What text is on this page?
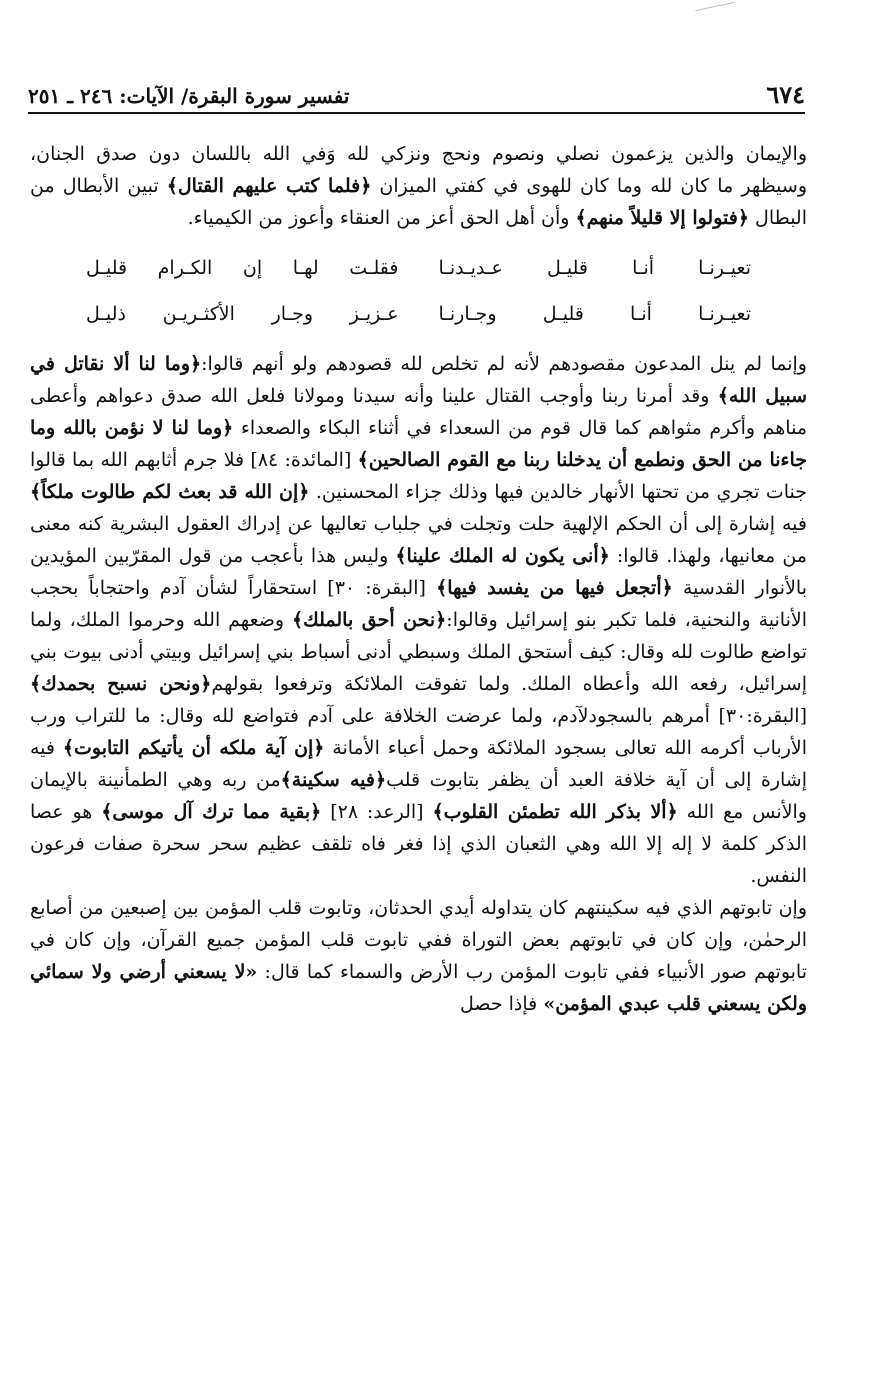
٦٧٤
تفسير سورة البقرة/ الآيات: ٢٤٦ ـ ٢٥١

والإيمان والذين يزعمون نصلي ونصوم ونحج ونزكي لله وَفي الله باللسان دون صدق الجنان، وسيظهر ما كان لله وما كان للهوى في كفتي الميزان ﴿فلما كتب عليهم القتال﴾ تبين الأبطال من البطال ﴿فتولوا إلا قليلاً منهم﴾ وأن أهل الحق أعز من العنقاء وأعوز من الكيمياء.

تعيـرنـا أنـا قليـل عـديـدنـا
فقلـت لهـا إن الكـرام قليـل
تعيـرنـا أنـا قليـل وجـارنـا
عـزيـز وجـار الأكثـريـن ذليـل

وإنما لم ينل المدعون مقصودهم لأنه لم تخلص لله قصودهم ولو أنهم قالوا:﴿وما لنا ألا نقاتل في سبيل الله﴾ وقد أمرنا ربنا وأوجب القتال علينا وأنه سيدنا ومولانا فلعل الله صدق دعواهم وأعطى مناهم وأكرم مثواهم كما قال قوم من السعداء في أثناء البكاء والصعداء ﴿وما لنا لا نؤمن بالله وما جاءنا من الحق ونطمع أن يدخلنا ربنا مع القوم الصالحين﴾ [المائدة: ٨٤] فلا جرم أثابهم الله بما قالوا جنات تجري من تحتها الأنهار خالدين فيها وذلك جزاء المحسنين. ﴿إن الله قد بعث لكم طالوت ملكاً﴾ فيه إشارة إلى أن الحكم الإلهية حلت وتجلت في جلباب تعاليها عن إدراك العقول البشرية كنه معنى من معانيها، ولهذا. قالوا: ﴿أنى يكون له الملك علينا﴾ وليس هذا بأعجب من قول المقرّبين المؤيدين بالأنوار القدسية ﴿أتجعل فيها من يفسد فيها﴾ [البقرة: ٣٠] استحقاراً لشأن آدم واحتجاباً بحجب الأنانية والنحنية، فلما تكبر بنو إسرائيل وقالوا:﴿نحن أحق بالملك﴾ وضعهم الله وحرموا الملك، ولما تواضع طالوت لله وقال: كيف أستحق الملك وسبطي أدنى أسباط بني إسرائيل وبيتي أدنى بيوت بني إسرائيل، رفعه الله وأعطاه الملك. ولما تفوقت الملائكة وترفعوا بقولهم﴿ونحن نسبح بحمدك﴾ [البقرة:٣٠] أمرهم بالسجودلآدم، ولما عرضت الخلافة على آدم فتواضع لله وقال: ما للتراب ورب الأرباب أكرمه الله تعالى بسجود الملائكة وحمل أعباء الأمانة ﴿إن آية ملكه أن يأتيكم التابوت﴾ فيه إشارة إلى أن آية خلافة العبد أن يظفر بتابوت قلب﴿فيه سكينة﴾من ربه وهي الطمأنينة بالإيمان والأنس مع الله ﴿ألا بذكر الله تطمئن القلوب﴾ [الرعد: ٢٨] ﴿بقية مما ترك آل موسى﴾ هو عصا الذكر كلمة لا إله إلا الله وهي الثعبان الذي إذا فغر فاه تلقف عظيم سحر سحرة صفات فرعون النفس.

وإن تابوتهم الذي فيه سكينتهم كان يتداوله أيدي الحدثان، وتابوت قلب المؤمن بين إصبعين من أصابع الرحمٰن، وإن كان في تابوتهم بعض التوراة ففي تابوت قلب المؤمن جميع القرآن، وإن كان في تابوتهم صور الأنبياء ففي تابوت المؤمن رب الأرض والسماء كما قال: «لا يسعني أرضي ولا سمائي ولكن يسعني قلب عبدي المؤمن» فإذا حصل
